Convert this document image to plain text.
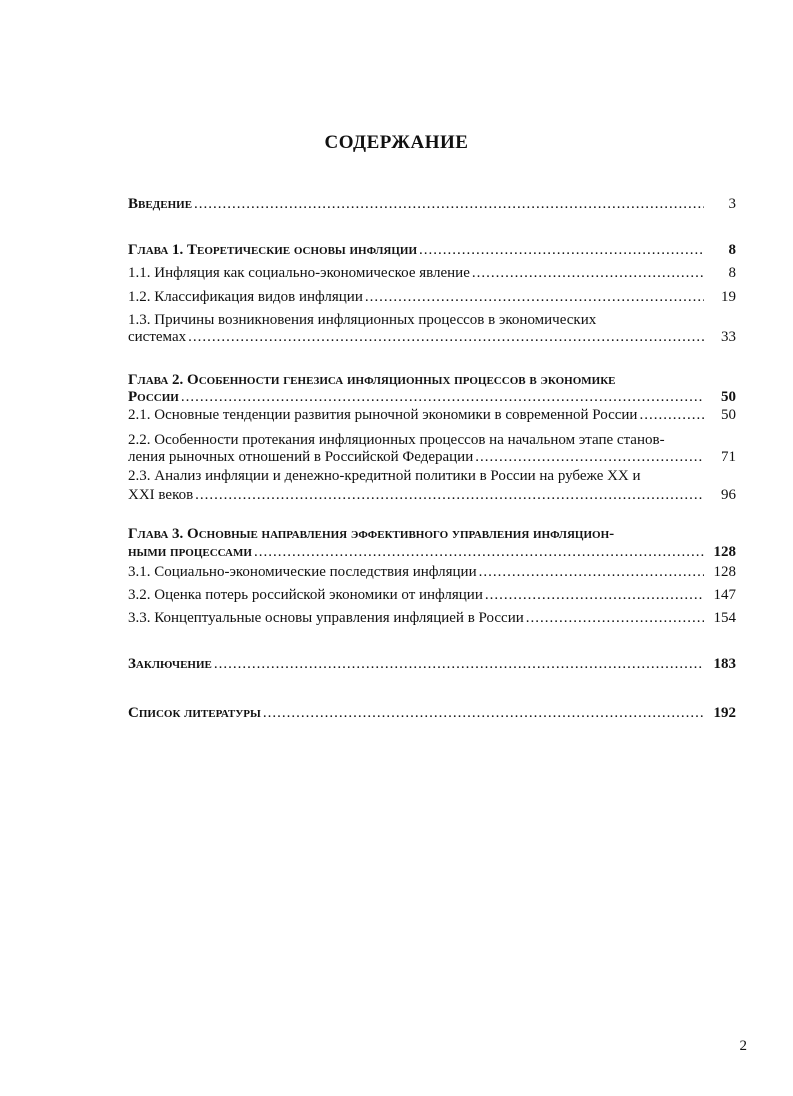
СОДЕРЖАНИЕ
Введение .....	3
Глава 1. Теоретические основы инфляции .....	8
1.1. Инфляция как социально-экономическое явление .....	8
1.2. Классификация видов инфляции .....	19
1.3. Причины возникновения инфляционных процессов в экономических
системах .....	33
Глава 2. Особенности генезиса инфляционных процессов в экономике
России .....	50
2.1. Основные тенденции развития рыночной экономики в современной России .....	50
2.2. Особенности протекания инфляционных процессов на начальном этапе станов-
ления рыночных отношений в Российской Федерации .....	71
2.3. Анализ инфляции и денежно-кредитной политики в России на рубеже XX и
XXI веков .....	96
Глава 3. Основные направления эффективного управления инфляцион-
ными процессами .....	128
3.1. Социально-экономические последствия инфляции .....	128
3.2. Оценка потерь российской экономики от инфляции .....	147
3.3. Концептуальные основы управления инфляцией в России .....	154
Заключение .....	183
Список литературы .....	192
2
